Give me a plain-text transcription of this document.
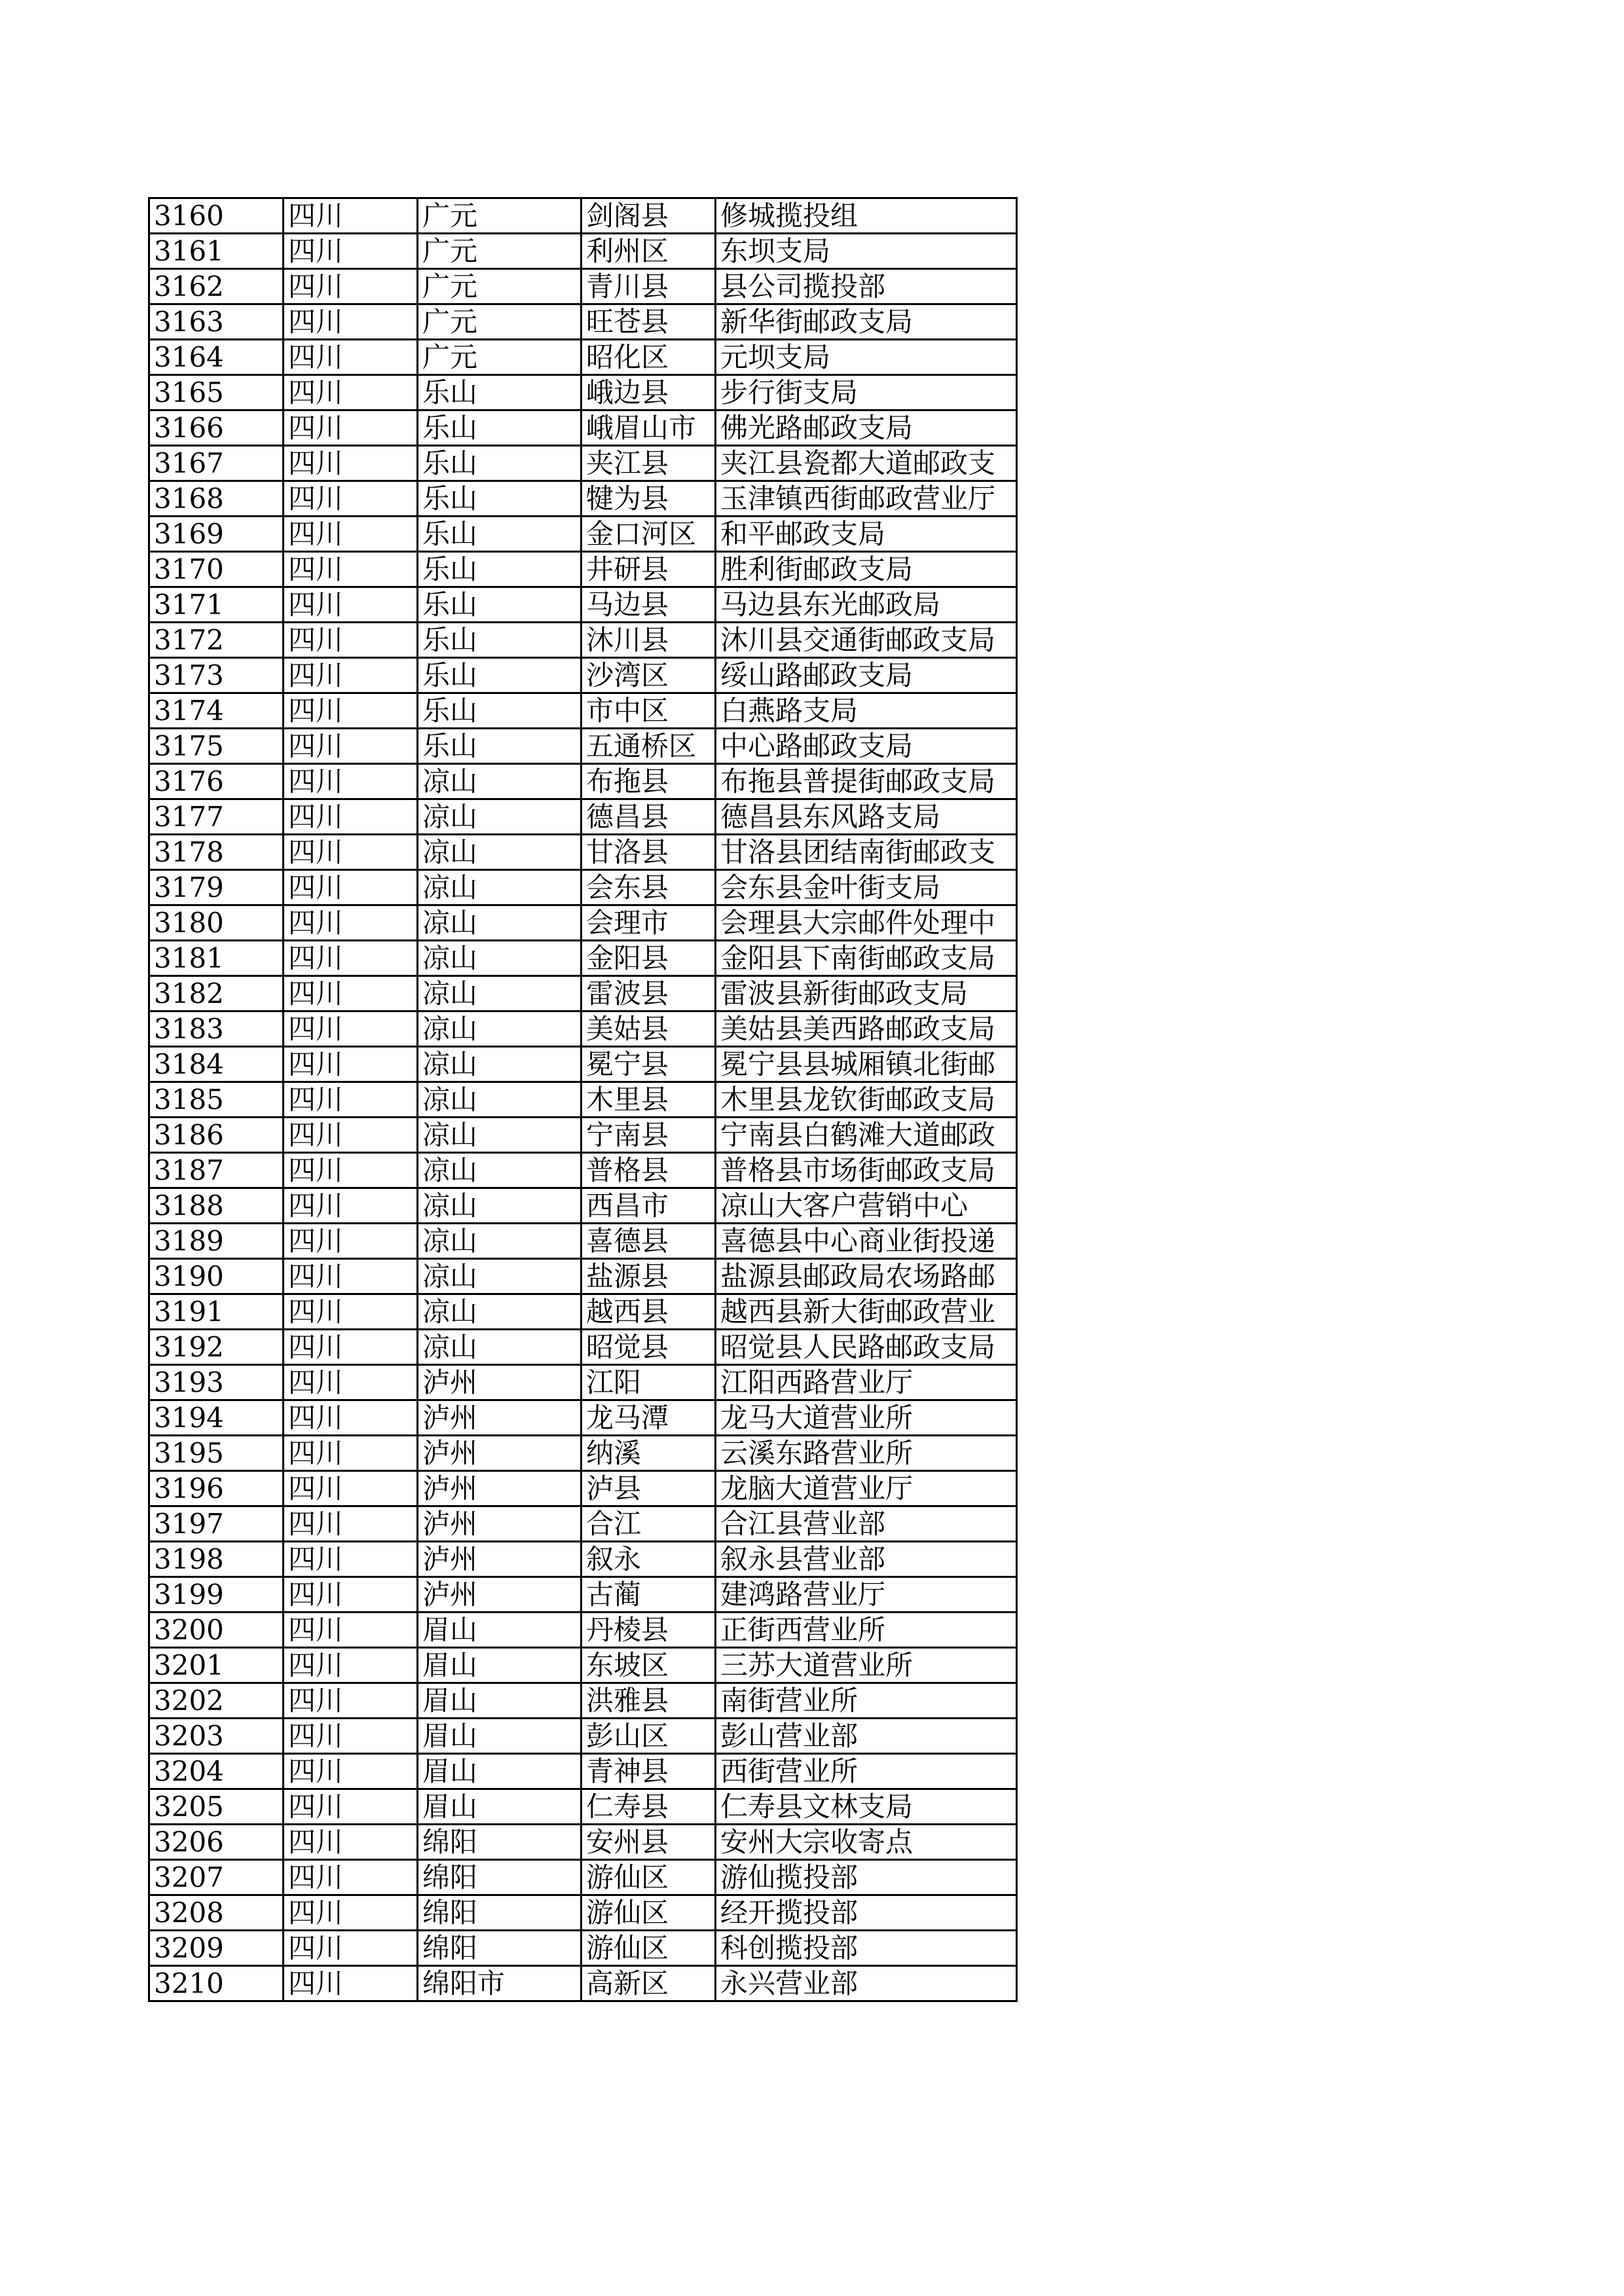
3160	四川	广元	剑阁县	修城揽投组
3161	四川	广元	利州区	东坝支局
3162	四川	广元	青川县	县公司揽投部
3163	四川	广元	旺苍县	新华街邮政支局
3164	四川	广元	昭化区	元坝支局
3165	四川	乐山	峨边县	步行街支局
3166	四川	乐山	峨眉山市	佛光路邮政支局
3167	四川	乐山	夹江县	夹江县瓷都大道邮政支
3168	四川	乐山	犍为县	玉津镇西街邮政营业厅
3169	四川	乐山	金口河区	和平邮政支局
3170	四川	乐山	井研县	胜利街邮政支局
3171	四川	乐山	马边县	马边县东光邮政局
3172	四川	乐山	沐川县	沐川县交通街邮政支局
3173	四川	乐山	沙湾区	绥山路邮政支局
3174	四川	乐山	市中区	白燕路支局
3175	四川	乐山	五通桥区	中心路邮政支局
3176	四川	凉山	布拖县	布拖县普提街邮政支局
3177	四川	凉山	德昌县	德昌县东风路支局
3178	四川	凉山	甘洛县	甘洛县团结南街邮政支
3179	四川	凉山	会东县	会东县金叶街支局
3180	四川	凉山	会理市	会理县大宗邮件处理中
3181	四川	凉山	金阳县	金阳县下南街邮政支局
3182	四川	凉山	雷波县	雷波县新街邮政支局
3183	四川	凉山	美姑县	美姑县美西路邮政支局
3184	四川	凉山	冕宁县	冕宁县县城厢镇北街邮
3185	四川	凉山	木里县	木里县龙钦街邮政支局
3186	四川	凉山	宁南县	宁南县白鹤滩大道邮政
3187	四川	凉山	普格县	普格县市场街邮政支局
3188	四川	凉山	西昌市	凉山大客户营销中心
3189	四川	凉山	喜德县	喜德县中心商业街投递
3190	四川	凉山	盐源县	盐源县邮政局农场路邮
3191	四川	凉山	越西县	越西县新大街邮政营业
3192	四川	凉山	昭觉县	昭觉县人民路邮政支局
3193	四川	泸州	江阳	江阳西路营业厅
3194	四川	泸州	龙马潭	龙马大道营业所
3195	四川	泸州	纳溪	云溪东路营业所
3196	四川	泸州	泸县	龙脑大道营业厅
3197	四川	泸州	合江	合江县营业部
3198	四川	泸州	叙永	叙永县营业部
3199	四川	泸州	古蔺	建鸿路营业厅
3200	四川	眉山	丹棱县	正街西营业所
3201	四川	眉山	东坡区	三苏大道营业所
3202	四川	眉山	洪雅县	南街营业所
3203	四川	眉山	彭山区	彭山营业部
3204	四川	眉山	青神县	西街营业所
3205	四川	眉山	仁寿县	仁寿县文林支局
3206	四川	绵阳	安州县	安州大宗收寄点
3207	四川	绵阳	游仙区	游仙揽投部
3208	四川	绵阳	游仙区	经开揽投部
3209	四川	绵阳	游仙区	科创揽投部
3210	四川	绵阳市	高新区	永兴营业部
